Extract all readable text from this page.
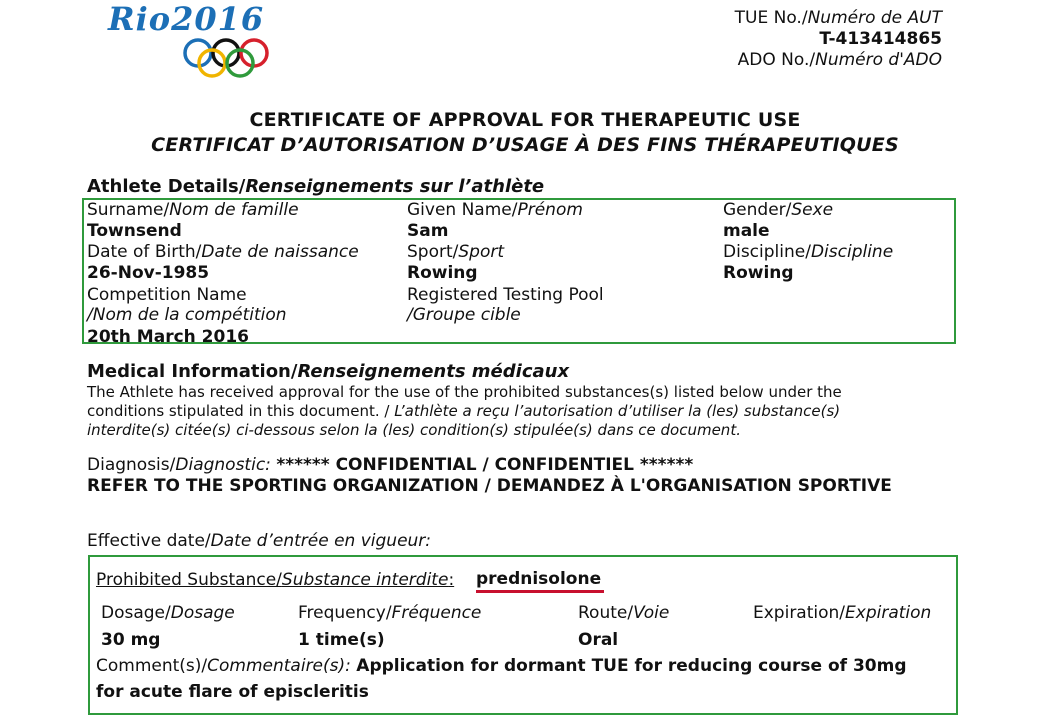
Rio2016	TUE No./Numéro de AUT
T-413414865
ADO No./Numéro d'ADO
CERTIFICATE OF APPROVAL FOR THERAPEUTIC USE
CERTIFICAT D’AUTORISATION D’USAGE À DES FINS THÉRAPEUTIQUES
Athlete Details/Renseignements sur l’athlète
Surname/Nom de famille
Townsend
Given Name/Prénom
Sam
Gender/Sexe
male
Date of Birth/Date de naissance
26-Nov-1985
Sport/Sport
Rowing
Discipline/Discipline
Rowing
Competition Name
/Nom de la compétition
20th March 2016
Registered Testing Pool
/Groupe cible
Medical Information/Renseignements médicaux
The Athlete has received approval for the use of the prohibited substances(s) listed below under the
conditions stipulated in this document. / L’athlète a reçu l’autorisation d’utiliser la (les) substance(s)
interdite(s) citée(s) ci-dessous selon la (les) condition(s) stipulée(s) dans ce document.
Diagnosis/Diagnostic: ****** CONFIDENTIAL / CONFIDENTIEL ******
REFER TO THE SPORTING ORGANIZATION / DEMANDEZ À L'ORGANISATION SPORTIVE
Effective date/Date d’entrée en vigueur:
Prohibited Substance/Substance interdite: prednisolone
Dosage/Dosage
30 mg
Frequency/Fréquence
1 time(s)
Route/Voie
Oral
Expiration/Expiration
Comment(s)/Commentaire(s): Application for dormant TUE for reducing course of 30mg
for acute flare of episcleritis
